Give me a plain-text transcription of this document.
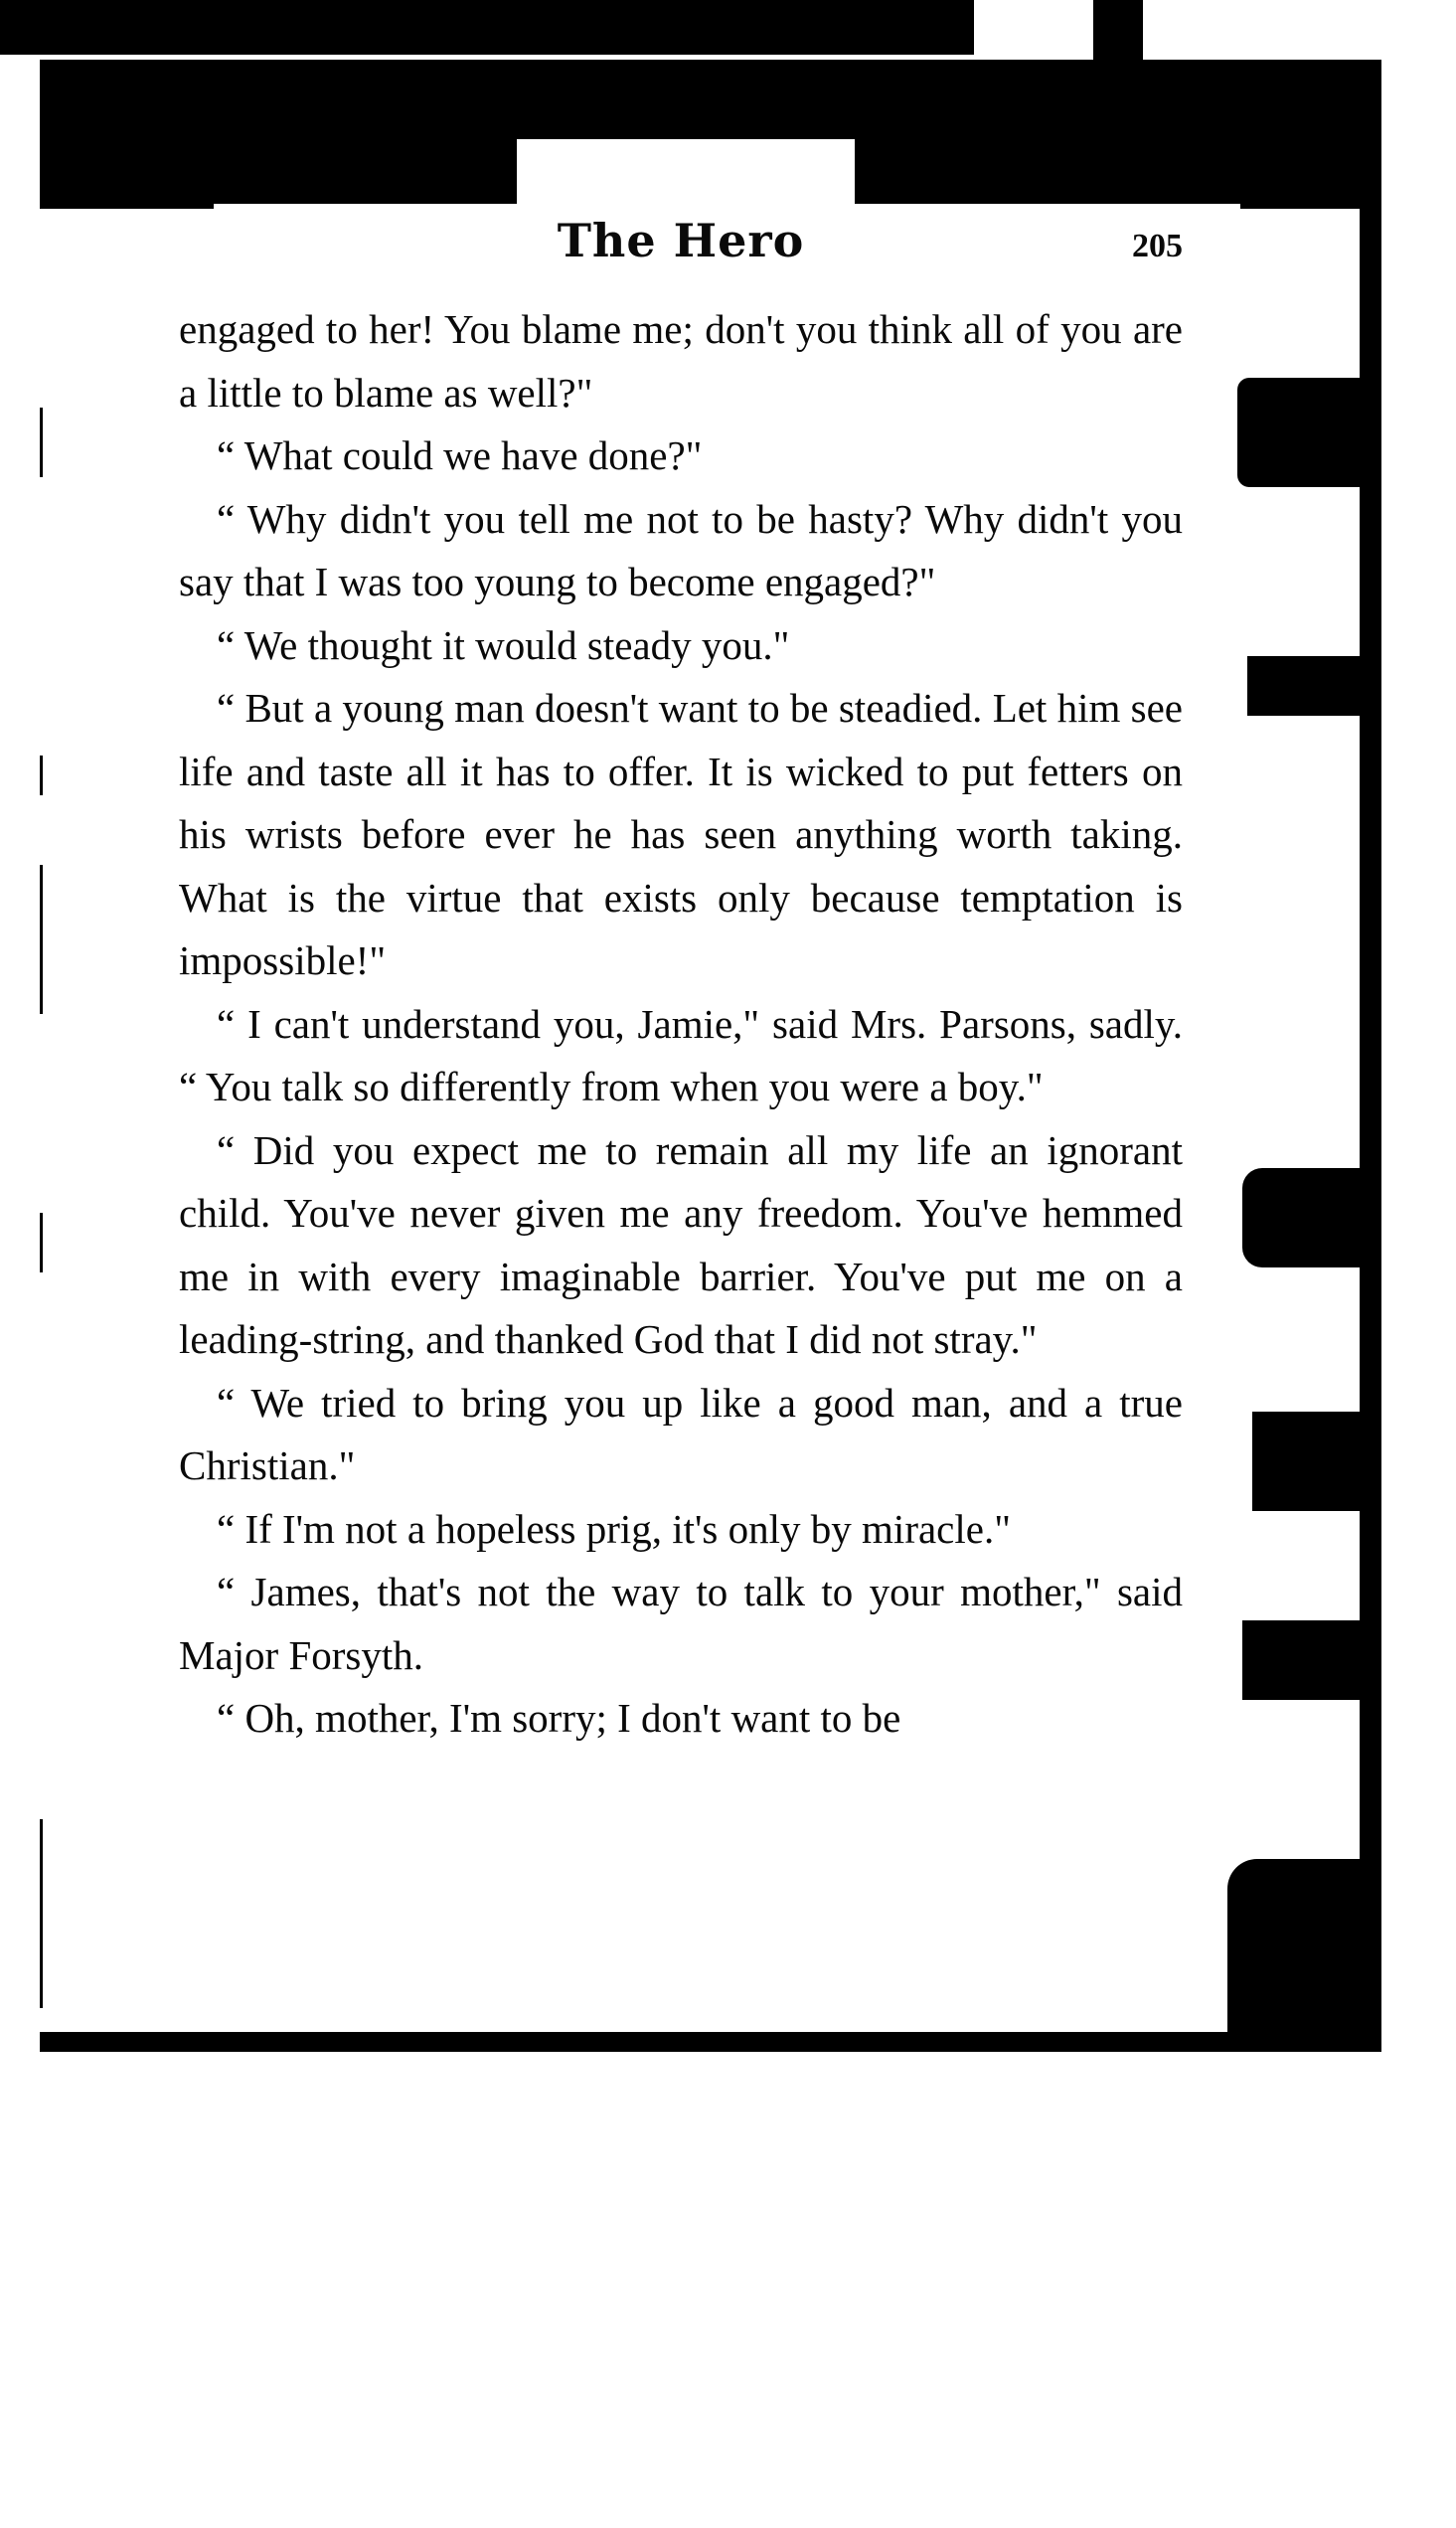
The Hero	205

engaged to her! You blame me; don't you think all of you are a little to blame as well?"

“ What could we have done?"

“ Why didn't you tell me not to be hasty? Why didn't you say that I was too young to become engaged?"

“ We thought it would steady you."

“ But a young man doesn't want to be steadied. Let him see life and taste all it has to offer. It is wicked to put fetters on his wrists before ever he has seen anything worth taking. What is the virtue that exists only because temptation is impossible!"

“ I can't understand you, Jamie," said Mrs. Parsons, sadly. “ You talk so differently from when you were a boy."

“ Did you expect me to remain all my life an ignorant child. You've never given me any freedom. You've hemmed me in with every imaginable barrier. You've put me on a leading-string, and thanked God that I did not stray."

“ We tried to bring you up like a good man, and a true Christian."

“ If I'm not a hopeless prig, it's only by miracle."

“ James, that's not the way to talk to your mother," said Major Forsyth.

“ Oh, mother, I'm sorry; I don't want to be
